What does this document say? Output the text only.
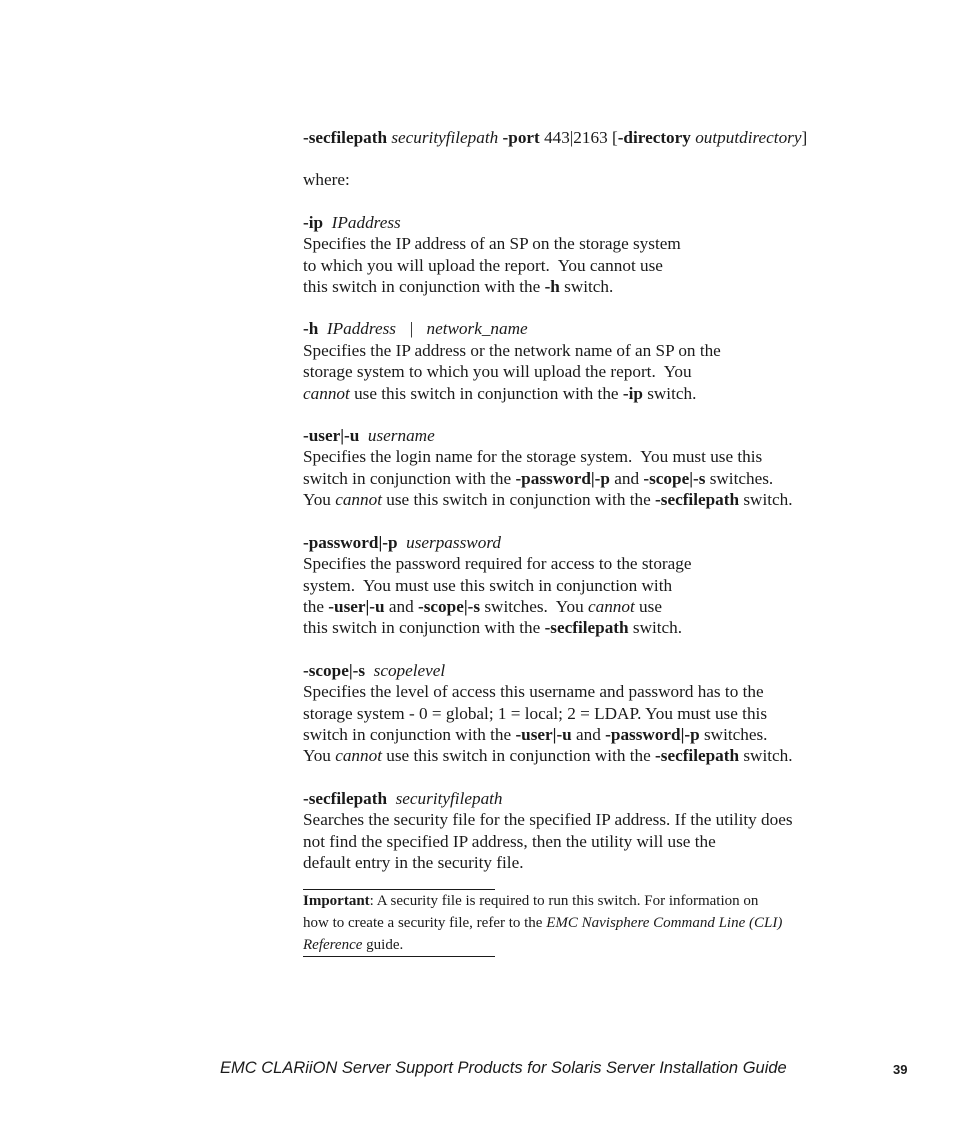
-secfilepath securityfilepath -port 443|2163 [-directory outputdirectory]

where:

-ip IPaddress

Specifies the IP address of an SP on the storage system

to which you will upload the report.  You cannot use

this switch in conjunction with the -h switch.

-h IPaddress | network_name

Specifies the IP address or the network name of an SP on the

storage system to which you will upload the report.  You

cannot use this switch in conjunction with the -ip switch.

-user|-u username

Specifies the login name for the storage system.  You must use this

switch in conjunction with the -password|-p and -scope|-s switches.

You cannot use this switch in conjunction with the -secfilepath switch.

-password|-p userpassword

Specifies the password required for access to the storage

system.  You must use this switch in conjunction with

the -user|-u and -scope|-s switches.  You cannot use

this switch in conjunction with the -secfilepath switch.

-scope|-s scopelevel

Specifies the level of access this username and password has to the

storage system - 0 = global; 1 = local; 2 = LDAP. You must use this

switch in conjunction with the -user|-u and -password|-p switches.

You cannot use this switch in conjunction with the -secfilepath switch.

-secfilepath securityfilepath

Searches the security file for the specified IP address. If the utility does

not find the specified IP address, then the utility will use the

default entry in the security file.

Important: A security file is required to run this switch. For information on
how to create a security file, refer to the EMC Navisphere Command Line (CLI)
Reference guide.

EMC CLARiiON Server Support Products for Solaris Server Installation Guide	39
